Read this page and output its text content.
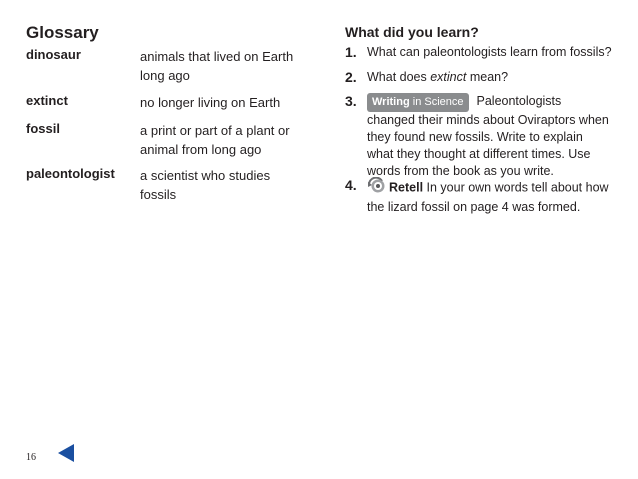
Glossary
dinosaur	animals that lived on Earth long ago
extinct	no longer living on Earth
fossil	a print or part of a plant or animal from long ago
paleontologist a scientist who studies fossils
What did you learn?
1. What can paleontologists learn from fossils?
2. What does extinct mean?
3.	Writing in Science Paleontologists changed their minds about Oviraptors when they found new fossils. Write to explain what they thought at different times. Use words from the book as you write.
4.	Retell In your own words tell about how the lizard fossil on page 4 was formed.
16
